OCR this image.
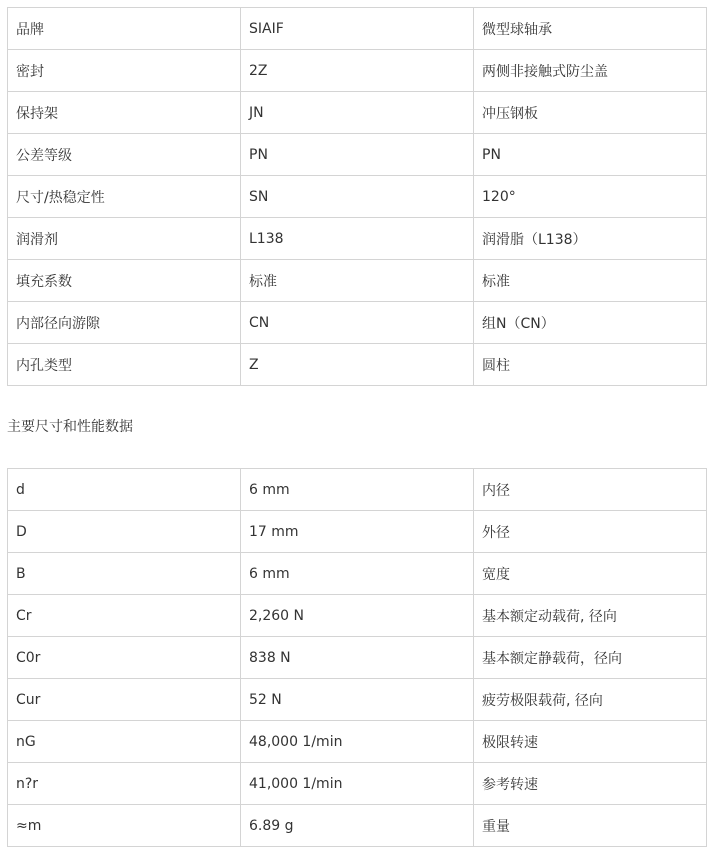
品牌	SIAIF	微型球轴承
密封	2Z	两侧非接触式防尘盖
保持架	JN	冲压钢板
公差等级	PN	PN
尺寸/热稳定性	SN	120°
润滑剂	L138	润滑脂（L138）
填充系数	标准	标准
内部径向游隙	CN	组N（CN）
内孔类型	Z	圆柱
主要尺寸和性能数据
d	6 mm	内径
D	17 mm	外径
B	6 mm	宽度
Cr	2,260 N	基本额定动载荷, 径向
C0r	838 N	基本额定静载荷，径向
Cur	52 N	疲劳极限载荷, 径向
nG	48,000 1/min	极限转速
n?r	41,000 1/min	参考转速
≈m	6.89 g	重量
